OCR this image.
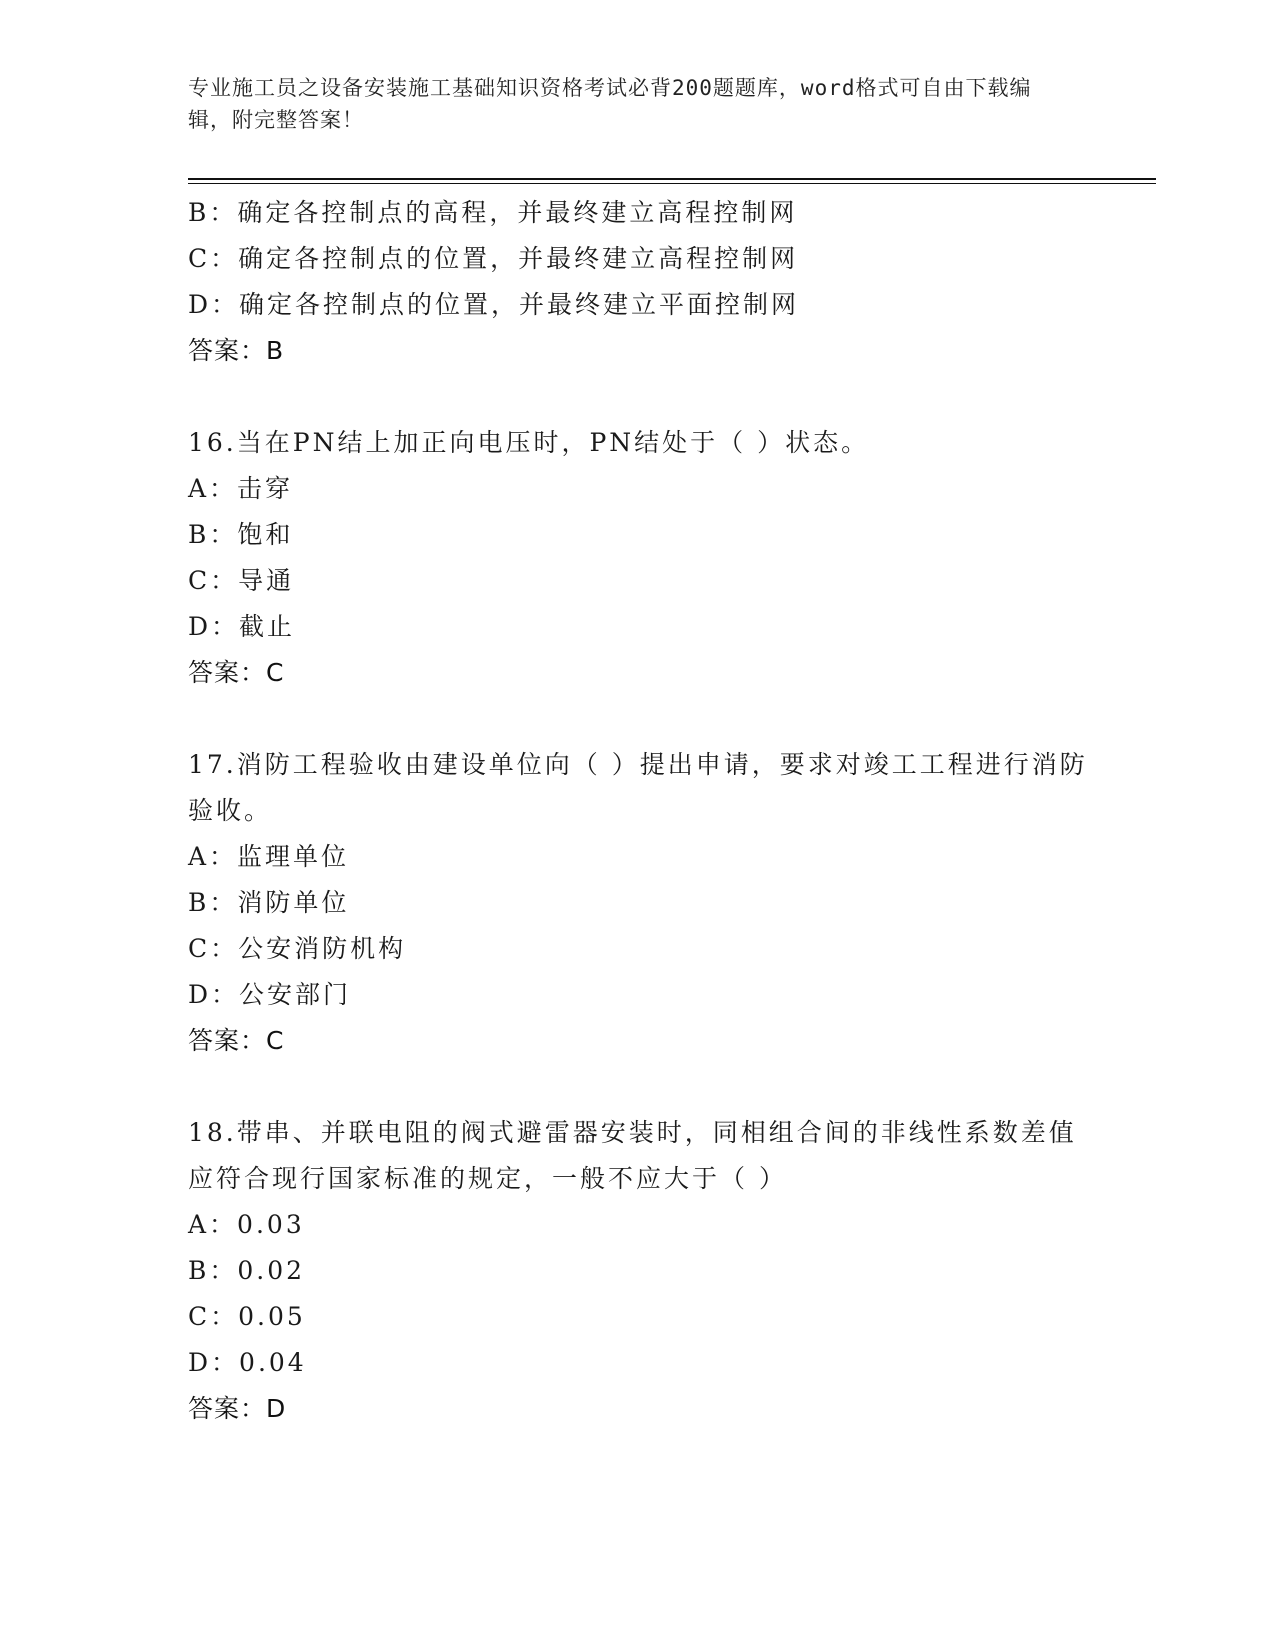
专业施工员之设备安装施工基础知识资格考试必背200题题库，word格式可自由下载编辑，附完整答案！
B：确定各控制点的高程，并最终建立高程控制网
C：确定各控制点的位置，并最终建立高程控制网
D：确定各控制点的位置，并最终建立平面控制网
答案：B
16.当在PN结上加正向电压时，PN结处于（ ）状态。
A：击穿
B：饱和
C：导通
D：截止
答案：C
17.消防工程验收由建设单位向（ ）提出申请，要求对竣工工程进行消防验收。
A：监理单位
B：消防单位
C：公安消防机构
D：公安部门
答案：C
18.带串、并联电阻的阀式避雷器安装时，同相组合间的非线性系数差值应符合现行国家标准的规定，一般不应大于（ ）
A：0.03
B：0.02
C：0.05
D：0.04
答案：D
